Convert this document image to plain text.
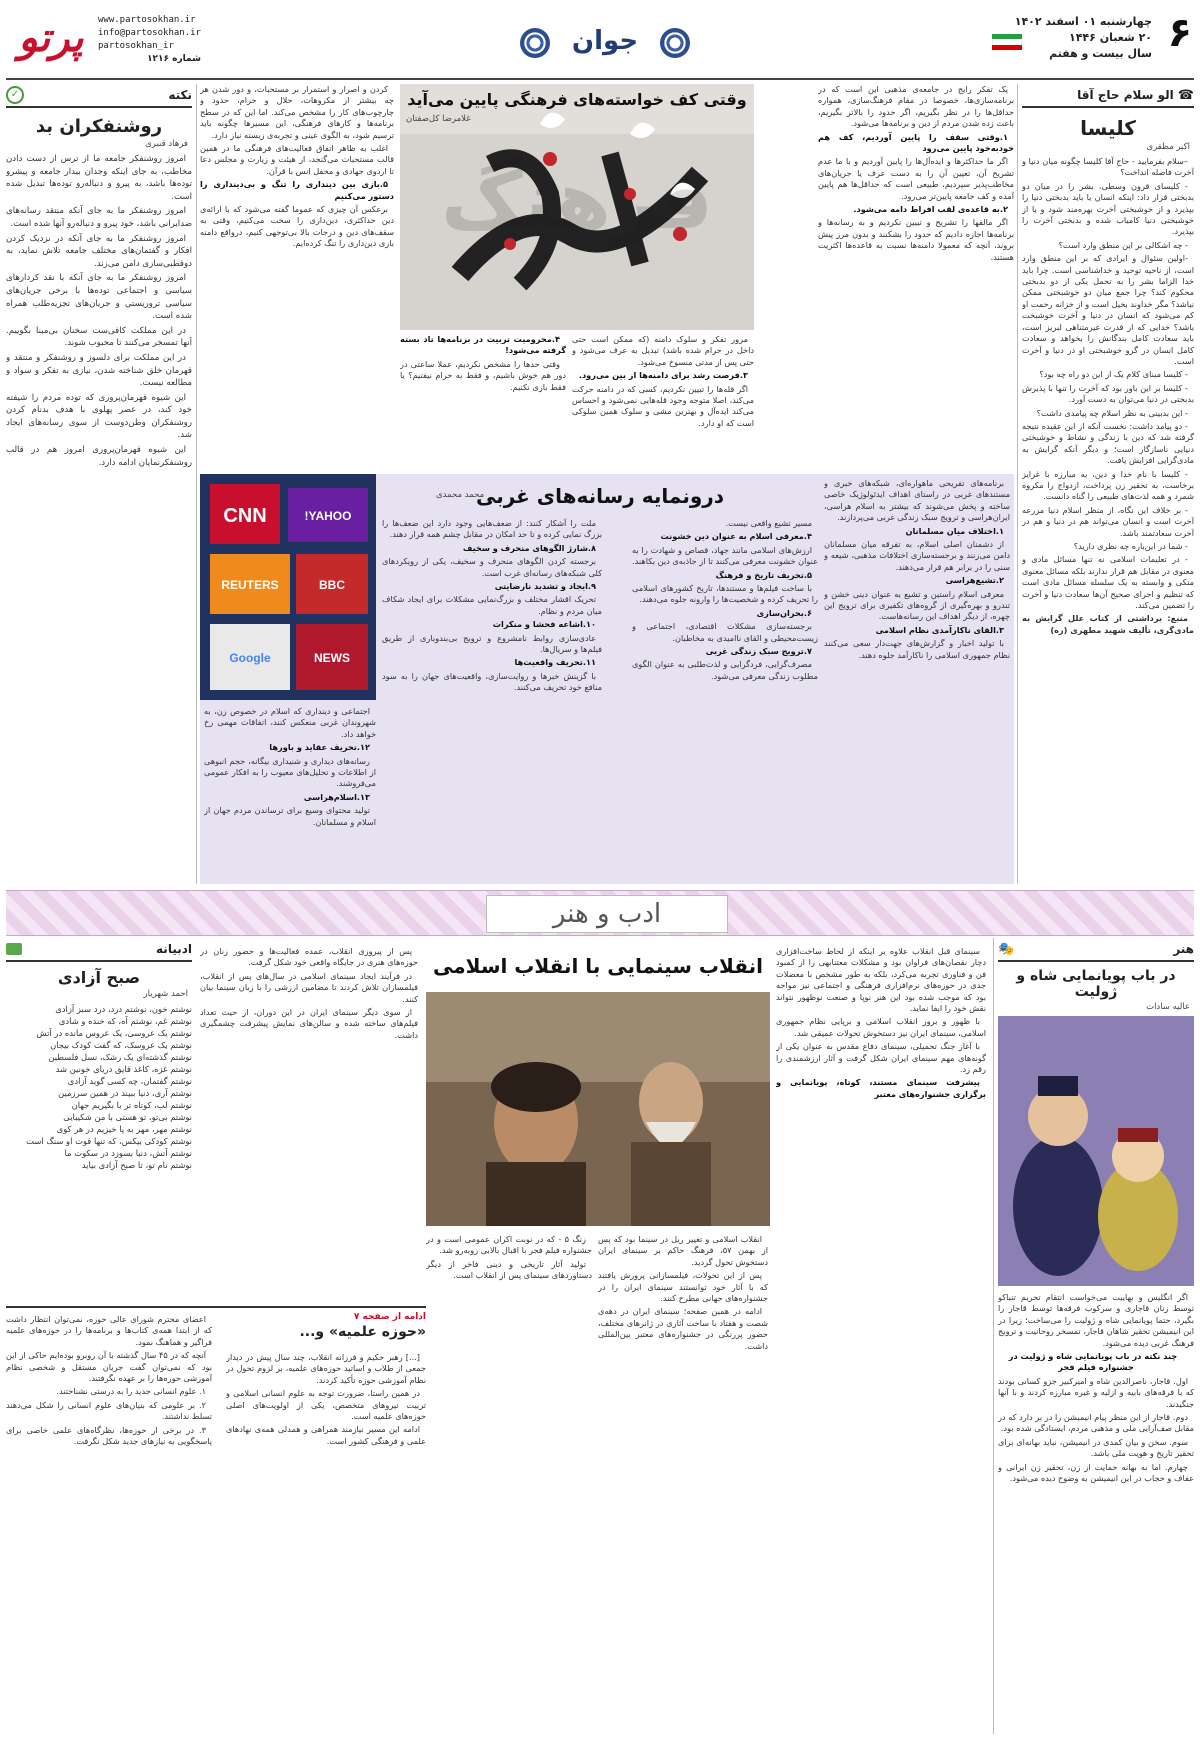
۶
چهارشنبه ۰۱ اسفند ۱۴۰۲
۲۰ شعبان ۱۴۴۶
سال بیست و هفتم
جوان
www.partosokhan.ir
info@partosokhan.ir
partosokhan_ir
شماره ۱۲۱۶
پرتو
☎
الو سلام حاج آقا
کلیسا
اکبر مظفری

–سلام بفرمایید - حاج آقا کلیسا چگونه میان دنیا و آخرت فاصله انداخت؟

- کلیسای قرون وسطی، بشر را در میان دو بدبختی قرار داد: اینکه انسان یا باید بدبختی دنیا را بپذیرد و از خوشبختی آخرت بهره‌مند شود و یا از خوشبختی دنیا کامیاب شده و بدبختی آخرت را بپذیرد.

- چه اشکالی بر این منطق وارد است؟

-اولین سئوال و ایرادی که بر این منطق وارد است، از ناحیه توحید و خداشناسی است. چرا باید خدا الزاما بشر را به تحمل یکی از دو بدبختی محکوم کند؟ چرا جمع میان دو خوشبختی ممکن نباشد؟ مگر خداوند بخیل است و از خزانه رحمت او کم می‌شود که انسان در دنیا و آخرت خوشبخت باشد؟ خدایی که از قدرت غیرمتناهی لبریز است، باید سعادت کامل بندگانش را بخواهد و سعادت کامل انسان در گرو خوشبختی او در دنیا و آخرت است.

- کلیسا مبنای کلام یک از این دو راه چه بود؟

- کلیسا بر این باور بود که آخرت را تنها با پذیرش بدبختی در دنیا می‌توان به دست آورد.

- این بدبینی به نظر اسلام چه پیامدی داشت؟

- دو پیامد داشت: نخست آنکه از این عقیده نتیجه گرفته شد که دین با زندگی و نشاط و خوشبختی دنیایی ناسازگار است؛ و دیگر آنکه گرایش به مادی‌گرایی افزایش یافت.

- کلیسا با نام خدا و دین، به مبارزه با غرایز برخاست، به تحقیر زن پرداخت، ازدواج را مکروه شمرد و همه لذت‌های طبیعی را گناه دانست.

- بر خلاف این نگاه، از منظر اسلام دنیا مزرعه آخرت است و انسان می‌تواند هم در دنیا و هم در آخرت سعادتمند باشد.

- شما در این‌باره چه نظری دارید؟

- در تعلیمات اسلامی نه تنها مسائل مادی و معنوی در مقابل هم قرار ندارند بلکه مسائل معنوی متکی و وابسته به یک سلسله مسائل مادی است که تنظیم و اجرای صحیح آن‌ها سعادت دنیا و آخرت را تضمین می‌کند.

منبع: برداشتی از کتاب علل گرایش به مادی‌گری، تألیف شهید مطهری (ره)

نکته
✓
روشنفکران بد
فرهاد قنبری

امروز روشنفکر جامعه ما از ترس از دست دادن مخاطب، به جای اینکه وجدان بیدار جامعه و پیشرو توده‌ها باشد، به پیرو و دنباله‌رو توده‌ها تبدیل شده است.

امروز روشنفکر ما به جای آنکه منتقد رسانه‌های ضدایرانی باشد، خود پیرو و دنباله‌رو آنها شده است.

امروز روشنفکر ما به جای آنکه در نزدیک کردن افکار و گفتمان‌های مختلف جامعه تلاش نماید، به دوقطبی‌سازی دامن می‌زند.

امروز روشنفکر ما به جای آنکه با نقد کردارهای سیاسی و اجتماعی توده‌ها با برخی جریان‌های سیاسی تروریستی و جریان‌های تجزیه‌طلب همراه شده است.

در این مملکت کافی‌ست سخنان بی‌مبنا بگوییم. آنها تمسخر می‌کنند تا محبوب شوند.

در این مملکت برای دلسوز و روشنفکر و منتقد و قهرمان خلق شناخته شدن، نیازی به تفکر و سواد و مطالعه نیست.

این شیوه قهرمان‌پروری که توده مردم را شیفته خود کند، در عصر پهلوی با هدف بدنام کردن روشنفکران وطن‌دوست از سوی رسانه‌های ایجاد شد.

این شیوه قهرمان‌پروری امروز هم در قالب روشنفکرنمایان ادامه دارد.

فرهنگ
وقتی کف خواسته‌های فرهنگی پایین می‌آید
غلامرضا کل‌صفتان

یک تفکر رایج در جامعه‌ی مذهبی این است که در برنامه‌سازی‌ها، خصوصا در مقام فرهنگ‌سازی، همواره حداقل‌ها را در نظر بگیریم، اگر حدود را بالاتر بگیریم، باعث زده شدن مردم از دین و برنامه‌ها می‌شود.

۱.وقتی سقف را پایین آوردیم، کف هم خود‌به‌خود پایین می‌رود

اگر ما حداکثرها و ایده‌آل‌ها را پایین آوردیم و با ما عدم تشریح آن، تعیین آن را به دست عرف یا جریان‌های مخاطب‌پذیر سپردیم، طبیعی است که حداقل‌ها هم پایین آمده و کف جامعه پایین‌تر می‌رود.

۲.به قاعده‌ی لقب افراط دامه می‌شود.

اگر مالقها را تشریح و تبیین نکردیم و به رسانه‌ها و برنامه‌ها اجازه دادیم که حدود را بشکنند و بدون مرز پیش بروند، آنچه که معمولا دامنه‌ها نسبت به قاعده‌ها اکثریت هستند.

مرور تفکر و سلوک دامنه (که ممکن است حتی داخل در حرام شده باشد) تبدیل به عرف می‌شود و حتی پس از مدتی منسوخ می‌شود.

۳.فرصت رشد برای دامنه‌ها از بین می‌رود.

اگر قله‌ها را تبیین نکردیم، کسی که در دامنه حرکت می‌کند، اصلا متوجه وجود قله‌هایی نمی‌شود و احساس می‌کند ایده‌آل و بهترین مشی و سلوک همین سلوکی است که او دارد.

۴.محرومیت تربیت در برنامه‌ها تاد بسته گرفته می‌شود!

وقتی حدها را مشخص نکردیم، عملا ساعتی در دور هم خوش باشیم، و فقط به حرام نیفتیم؟ یا فقط بازی نکنیم.

کردن و اصرار و استمرار بر مستحبات، و دور شدن هر چه بیشتر از مکروهات، حلال و حرام، حدود و چارچوب‌های کار را مشخص می‌کند. اما این که در سطح برنامه‌ها و کارهای فرهنگی، این مسیرها چگونه باید ترسیم شود، به الگوی عینی و تجربه‌ی زیسته نیاز دارد.

اغلب به ظاهر اتفاق فعالیت‌های فرهنگی ما در همین قالب مستحبات می‌گنجد، از هیئت و زیارت و مجلس دعا تا اردوی جهادی و محفل انس با قرآن.

۵.بازی بین دینداری را تنگ و بی‌دینداری را دستور می‌کنیم

برعکس آن چیزی که عموما گفته می‌شود که با ارائه‌ی دین حداکثری، دین‌داری را سخت می‌کنیم، وقتی به سقف‌های دین و درجات بالا بی‌توجهی کنیم، درواقع دامنه بازی دین‌داری را تنگ کرده‌ایم.

درونمایه رسانه‌های غربی
محمد محمدی
CNN	YAHOO!
REUTERS	BBC
Google	NEWS

برنامه‌های تفریحی ماهواره‌ای، شبکه‌های خبری و مستندهای غربی در راستای اهداف ایدئولوژیک خاصی ساخته و پخش می‌شوند که بیشتر به اسلام هراسی، ایران‌هراسی و ترویج سبک زندگی غربی می‌پردازند.

۱.اختلاف میان مسلمانان

از دشمنان اصلی اسلام، به تفرقه میان مسلمانان دامن می‌زنند و برجسته‌سازی اختلافات مذهبی، شیعه و سنی را در برابر هم قرار می‌دهند.

۲.تشیع‌هراسی

معرفی اسلام راستین و تشیع به عنوان دینی خشن و تندرو و بهره‌گیری از گروه‌های تکفیری برای ترویج این چهره، از دیگر اهداف این رسانه‌هاست.

۳.القای ناکارآمدی نظام اسلامی

با تولید اخبار و گزارش‌های جهت‌دار سعی می‌کنند نظام جمهوری اسلامی را ناکارآمد جلوه دهند.

مسیر تشیع واقعی نیست.

۴.معرفی اسلام به عنوان دین خشونت

ارزش‌های اسلامی مانند جهاد، قصاص و شهادت را به عنوان خشونت معرفی می‌کنند تا از جاذبه‌ی دین بکاهند.

۵.تحریف تاریخ و فرهنگ

با ساخت فیلم‌ها و مستندها، تاریخ کشورهای اسلامی را تحریف کرده و شخصیت‌ها را وارونه جلوه می‌دهند.

۶.بحران‌سازی

برجسته‌سازی مشکلات اقتصادی، اجتماعی و زیست‌محیطی و القای ناامیدی به مخاطبان.

۷.ترویج سبک زندگی غربی

مصرف‌گرایی، فردگرایی و لذت‌طلبی به عنوان الگوی مطلوب زندگی معرفی می‌شود.

ملت را آشکار کنند: از ضعف‌هایی وجود دارد این ضعف‌ها را بزرگ نمایی کرده و تا حد امکان در مقابل چشم همه قرار دهند.

۸.شارژ الگوهای منحرف و سخیف

برجسته کردن الگوهای منحرف و سخیف، یکی از رویکردهای کلی شبکه‌های رسانه‌ای غرب است.

۹.ایجاد و تشدید نارضایتی

تحریک اقشار مختلف و بزرگ‌نمایی مشکلات برای ایجاد شکاف میان مردم و نظام.

۱۰.اشاعه فحشا و منکرات

عادی‌سازی روابط نامشروع و ترویج بی‌بندوباری از طریق فیلم‌ها و سریال‌ها.

۱۱.تحریف واقعیت‌ها

با گزینش خبرها و روایت‌سازی، واقعیت‌های جهان را به سود منافع خود تحریف می‌کنند.

اجتماعی و دینداری که اسلام در خصوص زن، به شهروندان غربی منعکس کنند، اتفاقات مهمی رخ خواهد داد.

۱۲.تحریف عقاید و باورها

رسانه‌های دیداری و شنیداری بیگانه، حجم انبوهی از اطلاعات و تحلیل‌های معیوب را به افکار عمومی می‌فروشند.

۱۳.اسلام‌هراسی

تولید محتوای وسیع برای ترساندن مردم جهان از اسلام و مسلمانان.

ادب و هنر
هنر
🎭
در باب پویانمایی شاه و ژولیت
عالیه سادات

اگر انگلیس و بهاییت می‌خواست انتقام تحریم تنباکو توسط زنان قاجاری و سرکوب فرقه‌ها توسط قاجار را بگیرد، حتما پویانمایی شاه و ژولیت را می‌ساخت؛ زیرا در این انیمیشن تحقیر شاهان قاجار، تمسخر روحانیت و ترویج فرهنگ غربی دیده می‌شود.

چند نکته در باب پویانمایی شاه و ژولیت در جشنواره فیلم فجر

اول. قاجار، ناصرالدین شاه و امیرکبیر جزو کسانی بودند که با فرقه‌های بابیه و ازلیه و غیره مبارزه کردند و با آنها جنگیدند.

دوم. قاجار از این منظر پیام انیمیشن را در بر دارد که در مقابل صف‌آرایی ملی و مذهبی مردم، ایستادگی شده بود.

سوم. سخن و بیان کمدی در انیمیشن، نباید بهانه‌ای برای تحقیر تاریخ و هویت ملی باشد.

چهارم. اما به بهانه حمایت از زن، تحقیر زن ایرانی و عفاف و حجاب در این انیمیشن به وضوح دیده می‌شود.

انقلاب سینمایی با انقلاب اسلامی

سینمای قبل انقلاب علاوه بر اینکه از لحاظ ساخت‌افزاری دچار نقصان‌های فراوان بود و مشکلات معتنابهی را از کمبود فن و فناوری تجربه می‌کرد، بلکه به طور مشخص با معضلات جدی در حوزه‌های نرم‌افزاری فرهنگی و اجتماعی نیز مواجه بود که موجب شده بود این هنر نوپا و صنعت نوظهور نتواند نقش خود را ایفا نماید.

با ظهور و بروز انقلاب اسلامی و برپایی نظام جمهوری اسلامی، سینمای ایران نیز دستخوش تحولات عمیقی شد.

با آغاز جنگ تحمیلی، سینمای دفاع مقدس به عنوان یکی از گونه‌های مهم سینمای ایران شکل گرفت و آثار ارزشمندی را رقم زد.

پیشرفت سینمای مستند، کوتاه، پویانمایی و برگزاری جشنواره‌های معتبر

انقلاب اسلامی و تغییر ریل در سینما بود که پس از بهمن ۵۷، فرهنگ حاکم بر سینمای ایران دستخوش تحول گردید.

پس از این تحولات، فیلمسازانی پرورش یافتند که با آثار خود توانستند سینمای ایران را در جشنواره‌های جهانی مطرح کنند.

ادامه در همین صفحه؛ سینمای ایران در دهه‌ی شصت و هفتاد با ساخت آثاری در ژانرهای مختلف، حضور پررنگی در جشنواره‌های معتبر بین‌المللی داشت.

زنگ ۵ - که در نوبت اکران عمومی است و در جشنواره فیلم فجر با اقبال بالایی روبه‌رو شد.

تولید آثار تاریخی و دینی فاخر از دیگر دستاوردهای سینمای پس از انقلاب است.

پس از پیروزی انقلاب، عمده فعالیت‌ها و حضور زنان در حوزه‌های هنری در جایگاه واقعی خود شکل گرفت.

در فرآیند ایجاد سینمای اسلامی در سال‌های پس از انقلاب، فیلمسازان تلاش کردند تا مضامین ارزشی را با زبان سینما بیان کنند.

از سوی دیگر سینمای ایران در این دوران، از حیث تعداد فیلم‌های ساخته شده و سالن‌های نمایش پیشرفت چشمگیری داشت.

ادبیانه
صبح آزادی
احمد شهریار
نوشتم خون، نوشتم درد، درد سبز آزادی
نوشتم غم، نوشتم آه، که خنده و شادی
نوشتم یک عروسی، یک عروس مانده در آتش
نوشتم یک عروسک، که گفت کودک بیجان
نوشتم گذشته‌ای یک رشک، نسل فلسطین
نوشتم غزه، کاغذ قایق دریای خونین شد
نوشتم گفتمان، چه کسی گوید آزادی
نوشتم آری، دنیا ببیند در همین سرزمین
نوشتم لب، کوتاه تر با بگیریم جهان
نوشتم بی‌تو، تو هستی با من شکیبایی
نوشتم مهر، مهر به پا خیزیم در هر کوی
نوشتم کودکی بیکس، که تنها قوت او سنگ است
نوشتم آتش، دنیا بسوزد در سکوت ما
نوشتم نام تو، تا صبح آزادی بیاید
ادامه از صفحه ۷
«حوزه علمیه» و...

[...] رهبر حکیم و فرزانه انقلاب، چند سال پیش در دیدار جمعی از طلاب و اساتید حوزه‌های علمیه، بر لزوم تحول در نظام آموزشی حوزه تأکید کردند.

در همین راستا، ضرورت توجه به علوم انسانی اسلامی و تربیت نیروهای متخصص، یکی از اولویت‌های اصلی حوزه‌های علمیه است.

ادامه این مسیر نیازمند همراهی و همدلی همه‌ی نهادهای علمی و فرهنگی کشور است.

اعضای محترم شورای عالی حوزه، نمی‌توان انتظار داشت که از ابتدا همه‌ی کتاب‌ها و برنامه‌ها را در حوزه‌های علمیه فراگیر و هماهنگ نمود.

آنچه که در ۴۵ سال گذشته با آن روبرو بوده‌ایم حاکی از این بود که نمی‌توان گفت جریان مستقل و شخصی نظام آموزشی حوزه‌ها را بر عهده نگرفتند.

۱. علوم انسانی جدید را به درستی نشناختند.

۲. بر علومی که بنیان‌های علوم انسانی را شکل می‌دهند تسلط نداشتند.

۳. در برخی از حوزه‌ها، نظرگاه‌های علمی خاصی برای پاسخگویی به نیازهای جدید شکل نگرفت.
